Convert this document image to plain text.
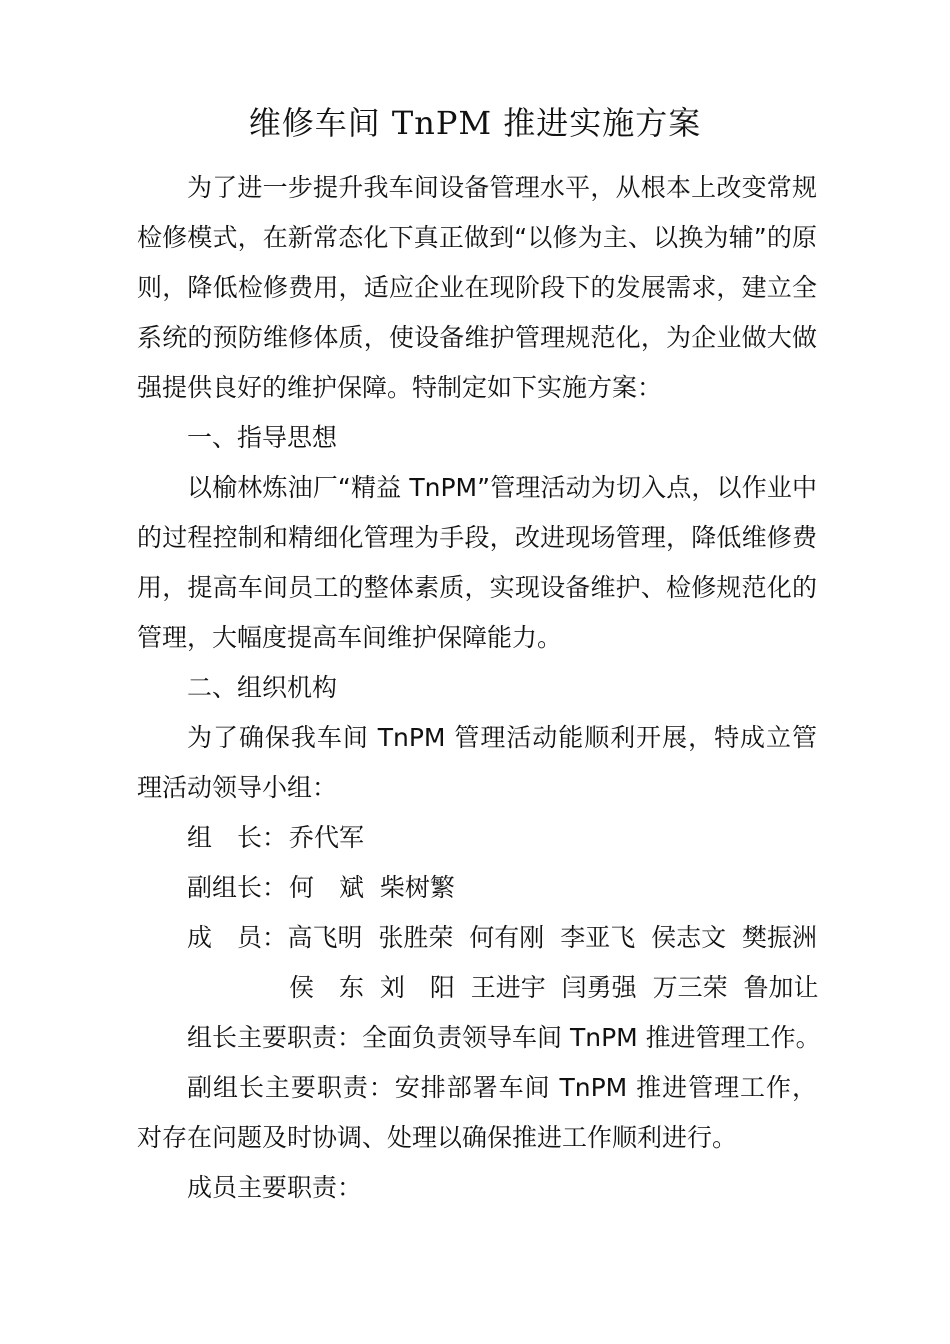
维修车间 TnPM 推进实施方案

为了进一步提升我车间设备管理水平，从根本上改变常规检修模式，在新常态化下真正做到“以修为主、以换为辅”的原则，降低检修费用，适应企业在现阶段下的发展需求，建立全系统的预防维修体质，使设备维护管理规范化，为企业做大做强提供良好的维护保障。特制定如下实施方案：

一、指导思想

以榆林炼油厂“精益 TnPM”管理活动为切入点，以作业中的过程控制和精细化管理为手段，改进现场管理，降低维修费用，提高车间员工的整体素质，实现设备维护、检修规范化的管理，大幅度提高车间维护保障能力。

二、组织机构

为了确保我车间 TnPM 管理活动能顺利开展，特成立管理活动领导小组：

组　长： 乔代军
副组长： 何　斌  柴树繁
成　员： 高飞明  张胜荣  何有刚  李亚飞  侯志文  樊振洲
侯　东  刘　阳  王进宇  闫勇强  万三荣  鲁加让

组长主要职责：全面负责领导车间 TnPM 推进管理工作。

副组长主要职责：安排部署车间 TnPM 推进管理工作，对存在问题及时协调、处理以确保推进工作顺利进行。

成员主要职责：
